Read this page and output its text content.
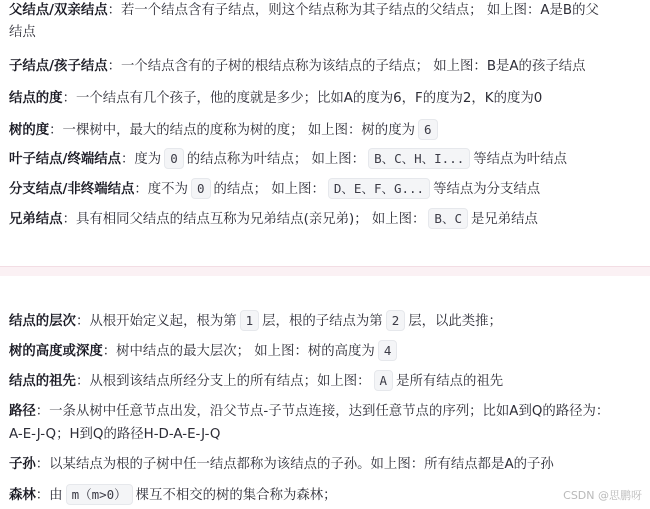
父结点/双亲结点：若一个结点含有子结点，则这个结点称为其子结点的父结点； 如上图：A是B的父
结点
子结点/孩子结点：一个结点含有的子树的根结点称为该结点的子结点； 如上图：B是A的孩子结点
结点的度：一个结点有几个孩子，他的度就是多少；比如A的度为6，F的度为2，K的度为0
树的度：一棵树中，最大的结点的度称为树的度； 如上图：树的度为 6
叶子结点/终端结点：度为 0 的结点称为叶结点； 如上图： B、C、H、I... 等结点为叶结点
分支结点/非终端结点：度不为 0 的结点； 如上图： D、E、F、G... 等结点为分支结点
兄弟结点：具有相同父结点的结点互称为兄弟结点(亲兄弟)； 如上图： B、C 是兄弟结点
结点的层次：从根开始定义起，根为第 1 层，根的子结点为第 2 层，以此类推；
树的高度或深度：树中结点的最大层次； 如上图：树的高度为 4
结点的祖先：从根到该结点所经分支上的所有结点；如上图： A 是所有结点的祖先
路径：一条从树中任意节点出发，沿父节点-子节点连接，达到任意节点的序列；比如A到Q的路径为：
A-E-J-Q；H到Q的路径H-D-A-E-J-Q
子孙：以某结点为根的子树中任一结点都称为该结点的子孙。如上图：所有结点都是A的子孙
森林：由 m（m>0） 棵互不相交的树的集合称为森林；	CSDN @思鹏呀
